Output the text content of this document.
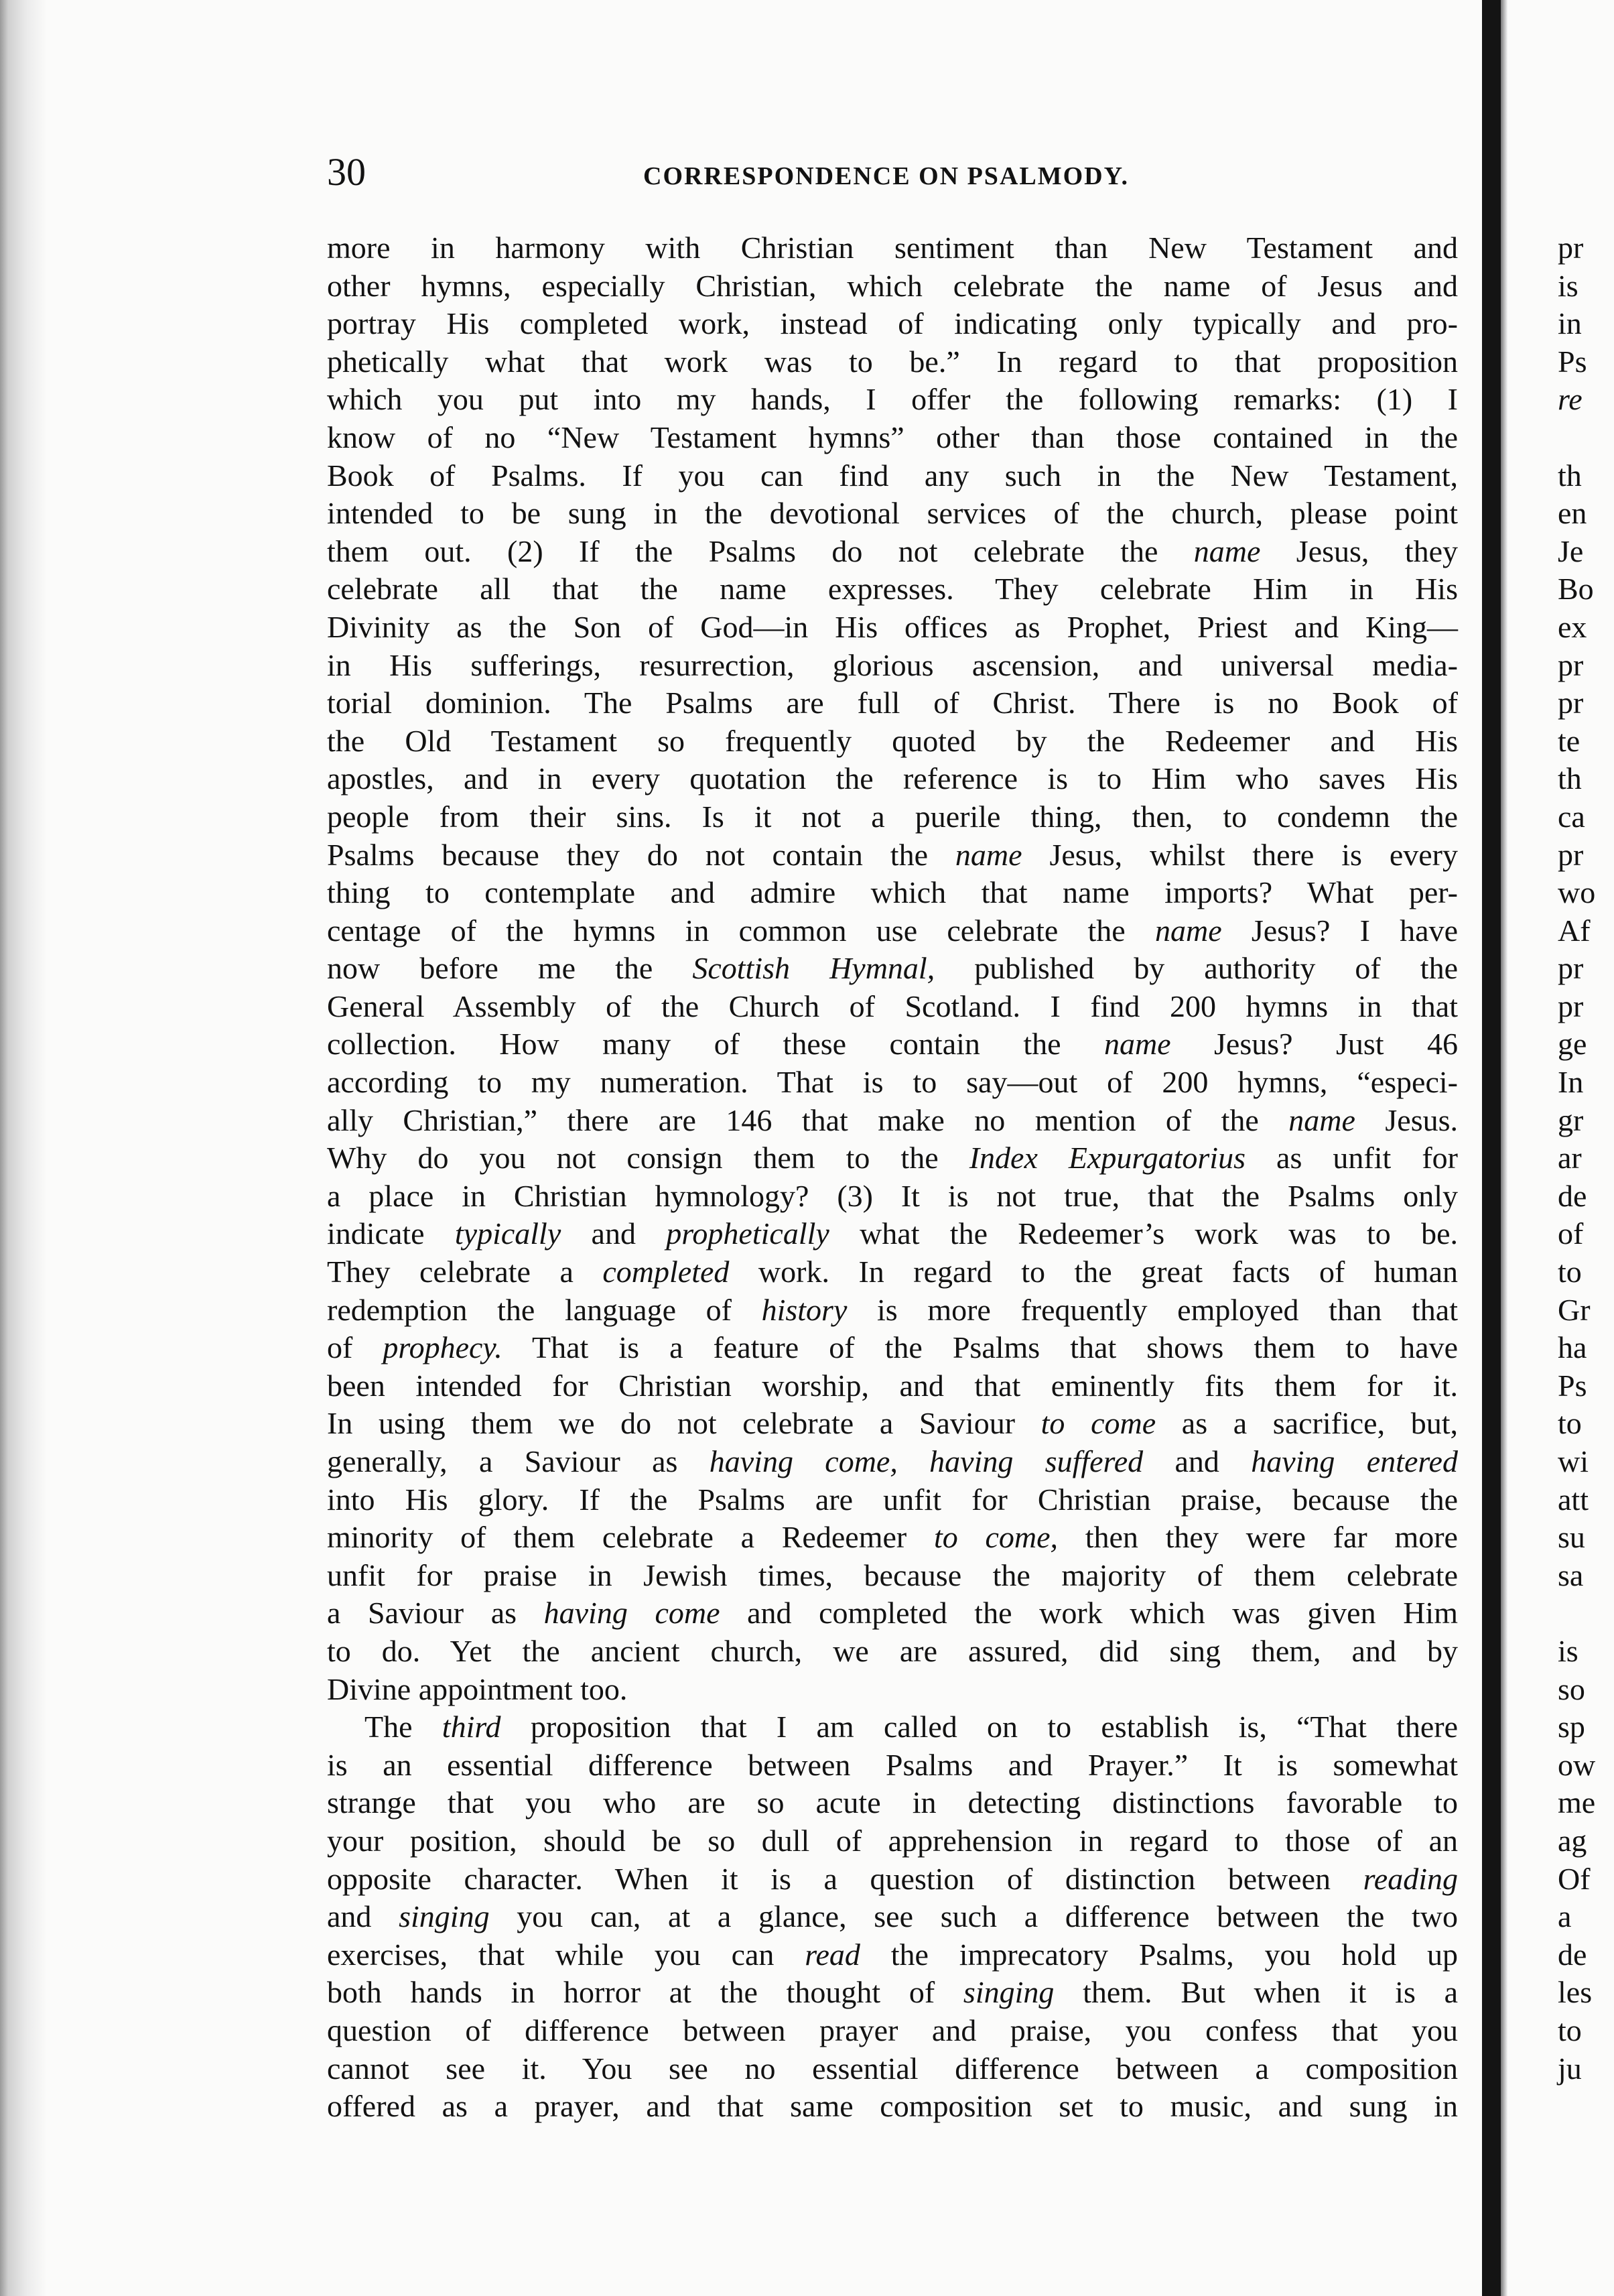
30	CORRESPONDENCE ON PSALMODY.
more in harmony with Christian sentiment than New Testament and
other hymns, especially Christian, which celebrate the name of Jesus and
portray His completed work, instead of indicating only typically and pro-
phetically what that work was to be.” In regard to that proposition
which you put into my hands, I offer the following remarks: (1) I
know of no “New Testament hymns” other than those contained in the
Book of Psalms. If you can find any such in the New Testament,
intended to be sung in the devotional services of the church, please point
them out. (2) If the Psalms do not celebrate the name Jesus, they
celebrate all that the name expresses. They celebrate Him in His
Divinity as the Son of God—in His offices as Prophet, Priest and King—
in His sufferings, resurrection, glorious ascension, and universal media-
torial dominion. The Psalms are full of Christ. There is no Book of
the Old Testament so frequently quoted by the Redeemer and His
apostles, and in every quotation the reference is to Him who saves His
people from their sins. Is it not a puerile thing, then, to condemn the
Psalms because they do not contain the name Jesus, whilst there is every
thing to contemplate and admire which that name imports? What per-
centage of the hymns in common use celebrate the name Jesus? I have
now before me the Scottish Hymnal, published by authority of the
General Assembly of the Church of Scotland. I find 200 hymns in that
collection. How many of these contain the name Jesus? Just 46
according to my numeration. That is to say—out of 200 hymns, “especi-
ally Christian,” there are 146 that make no mention of the name Jesus.
Why do you not consign them to the Index Expurgatorius as unfit for
a place in Christian hymnology? (3) It is not true, that the Psalms only
indicate typically and prophetically what the Redeemer’s work was to be.
They celebrate a completed work. In regard to the great facts of human
redemption the language of history is more frequently employed than that
of prophecy. That is a feature of the Psalms that shows them to have
been intended for Christian worship, and that eminently fits them for it.
In using them we do not celebrate a Saviour to come as a sacrifice, but,
generally, a Saviour as having come, having suffered and having entered
into His glory. If the Psalms are unfit for Christian praise, because the
minority of them celebrate a Redeemer to come, then they were far more
unfit for praise in Jewish times, because the majority of them celebrate
a Saviour as having come and completed the work which was given Him
to do. Yet the ancient church, we are assured, did sing them, and by
Divine appointment too.
The third proposition that I am called on to establish is, “That there
is an essential difference between Psalms and Prayer.” It is somewhat
strange that you who are so acute in detecting distinctions favorable to
your position, should be so dull of apprehension in regard to those of an
opposite character. When it is a question of distinction between reading
and singing you can, at a glance, see such a difference between the two
exercises, that while you can read the imprecatory Psalms, you hold up
both hands in horror at the thought of singing them. But when it is a
question of difference between prayer and praise, you confess that you
cannot see it. You see no essential difference between a composition
offered as a prayer, and that same composition set to music, and sung in
pr
is
in
Ps
re
th
en
Je
Bo
ex
pr
pr
te
th
ca
pr
wo
Af
pr
pr
ge
In
gr
ar
de
of
to
Gr
ha
Ps
to
wi
att
su
sa
is
so
sp
ow
me
ag
Of
a
de
les
to
ju
